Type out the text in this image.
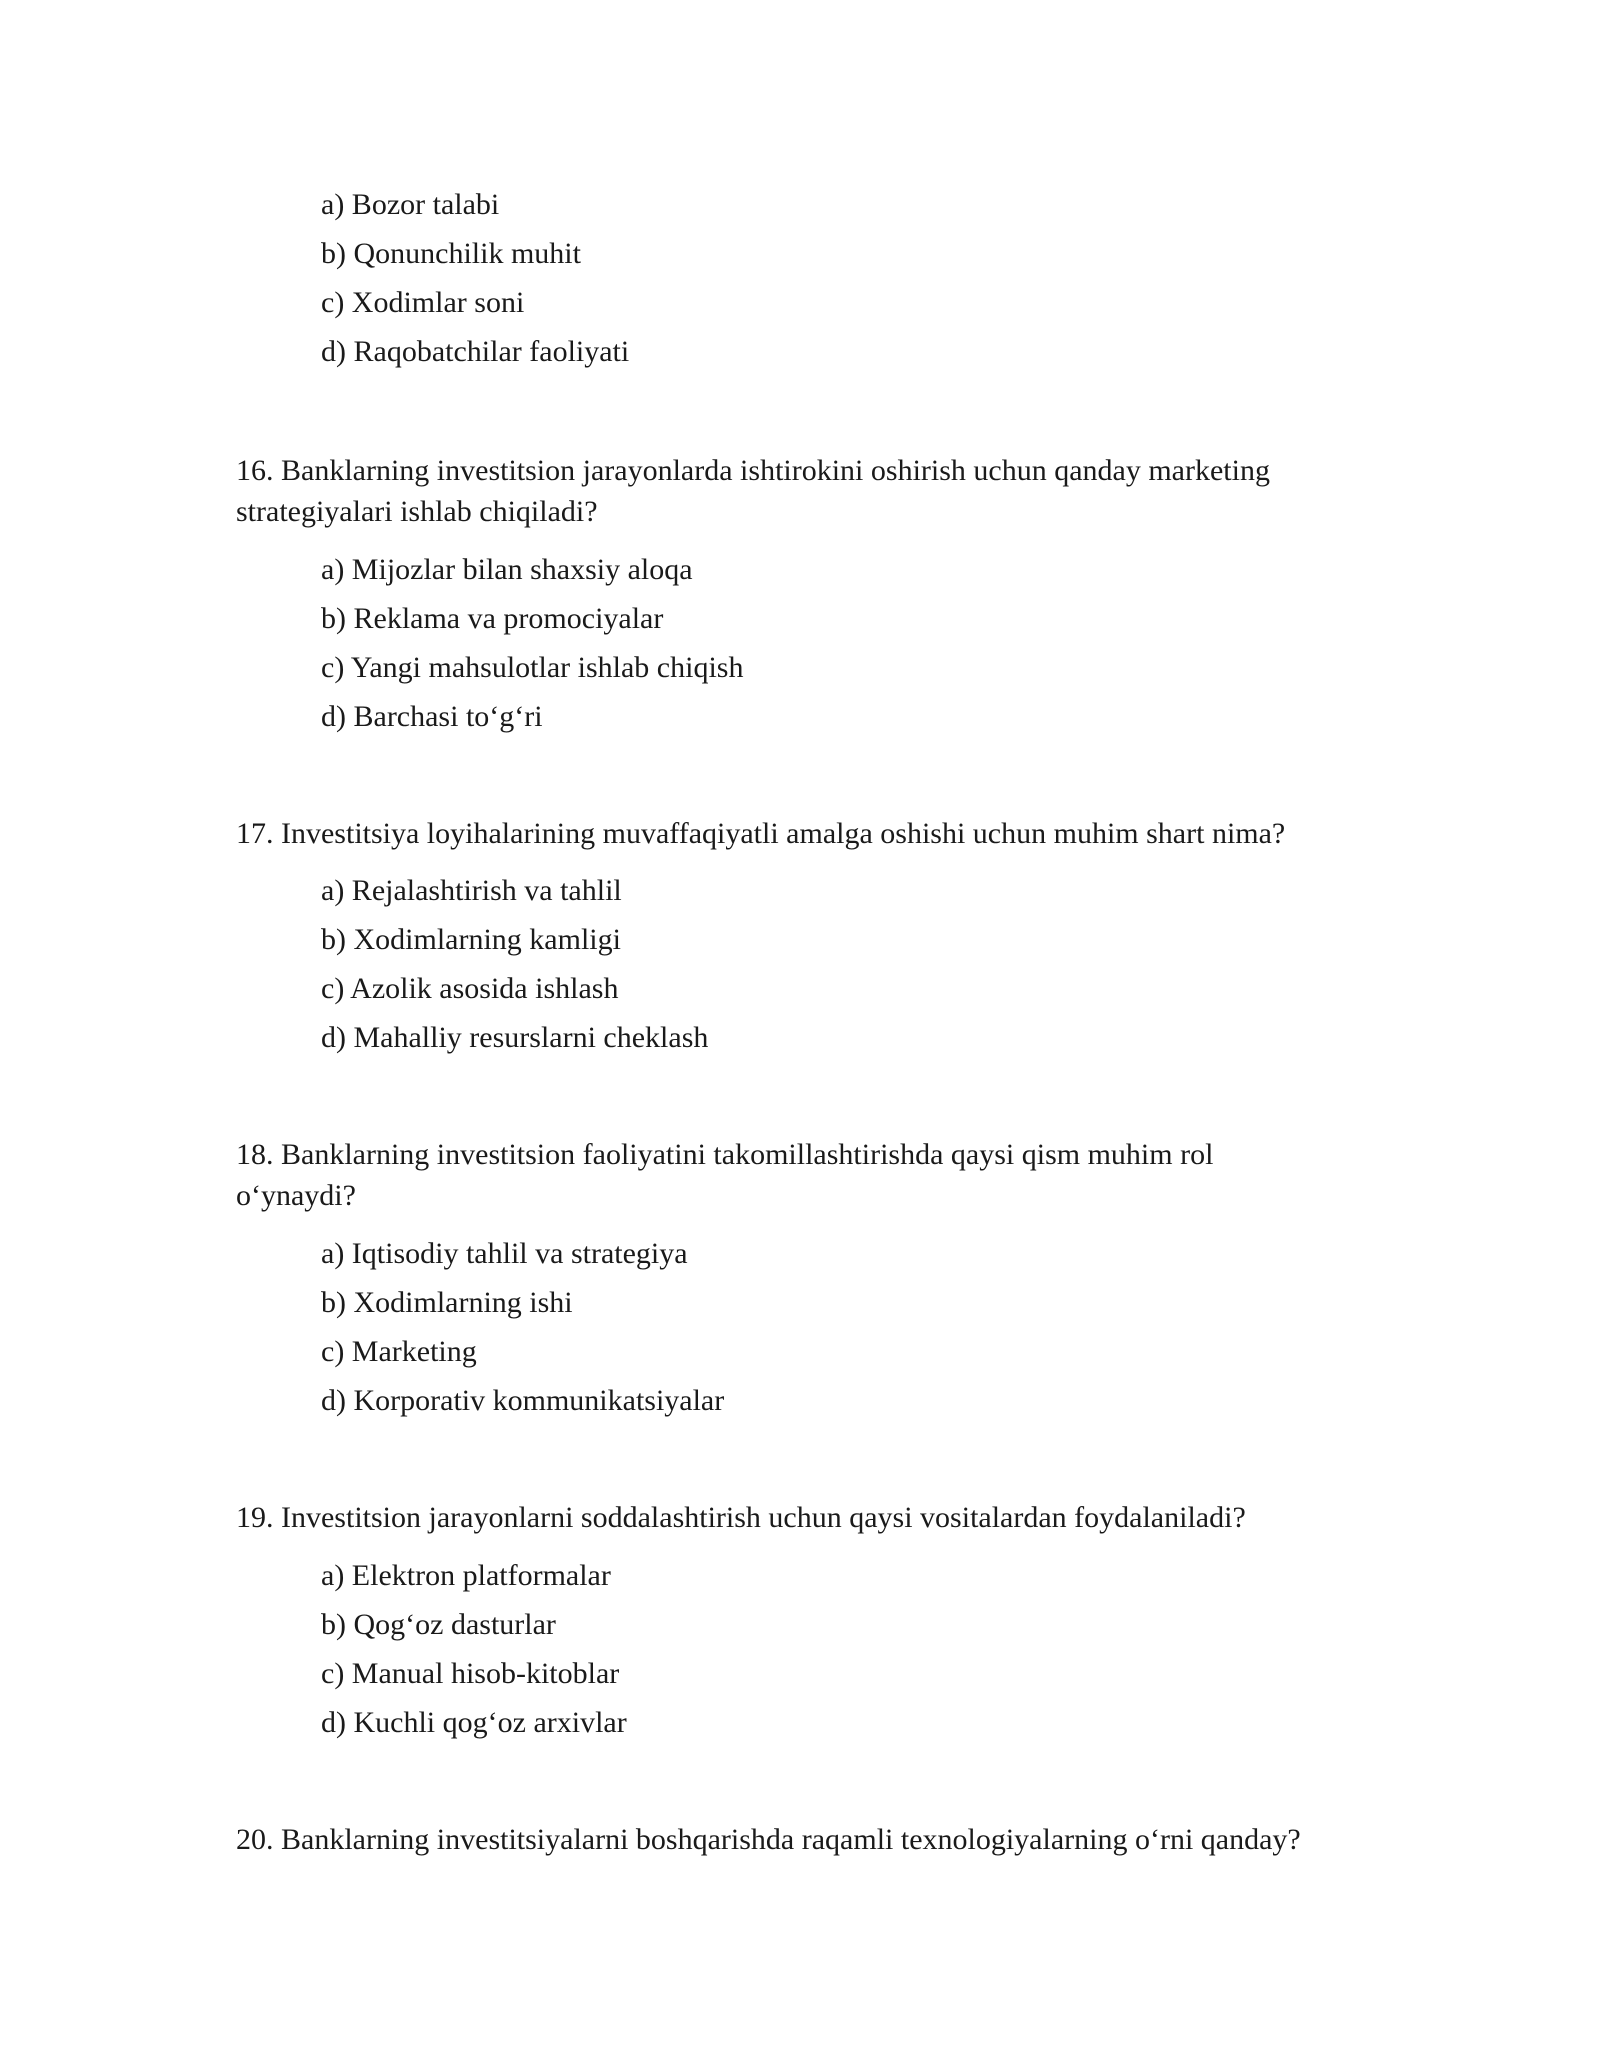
a) Bozor talabi
b) Qonunchilik muhit
c) Xodimlar soni
d) Raqobatchilar faoliyati
16. Banklarning investitsion jarayonlarda ishtirokini oshirish uchun qanday marketing
strategiyalari ishlab chiqiladi?
a) Mijozlar bilan shaxsiy aloqa
b) Reklama va promociyalar
c) Yangi mahsulotlar ishlab chiqish
d) Barchasi to‘g‘ri
17. Investitsiya loyihalarining muvaffaqiyatli amalga oshishi uchun muhim shart nima?
a) Rejalashtirish va tahlil
b) Xodimlarning kamligi
c) Azolik asosida ishlash
d) Mahalliy resurslarni cheklash
18. Banklarning investitsion faoliyatini takomillashtirishda qaysi qism muhim rol
o‘ynaydi?
a) Iqtisodiy tahlil va strategiya
b) Xodimlarning ishi
c) Marketing
d) Korporativ kommunikatsiyalar
19. Investitsion jarayonlarni soddalashtirish uchun qaysi vositalardan foydalaniladi?
a) Elektron platformalar
b) Qog‘oz dasturlar
c) Manual hisob-kitoblar
d) Kuchli qog‘oz arxivlar
20. Banklarning investitsiyalarni boshqarishda raqamli texnologiyalarning o‘rni qanday?
